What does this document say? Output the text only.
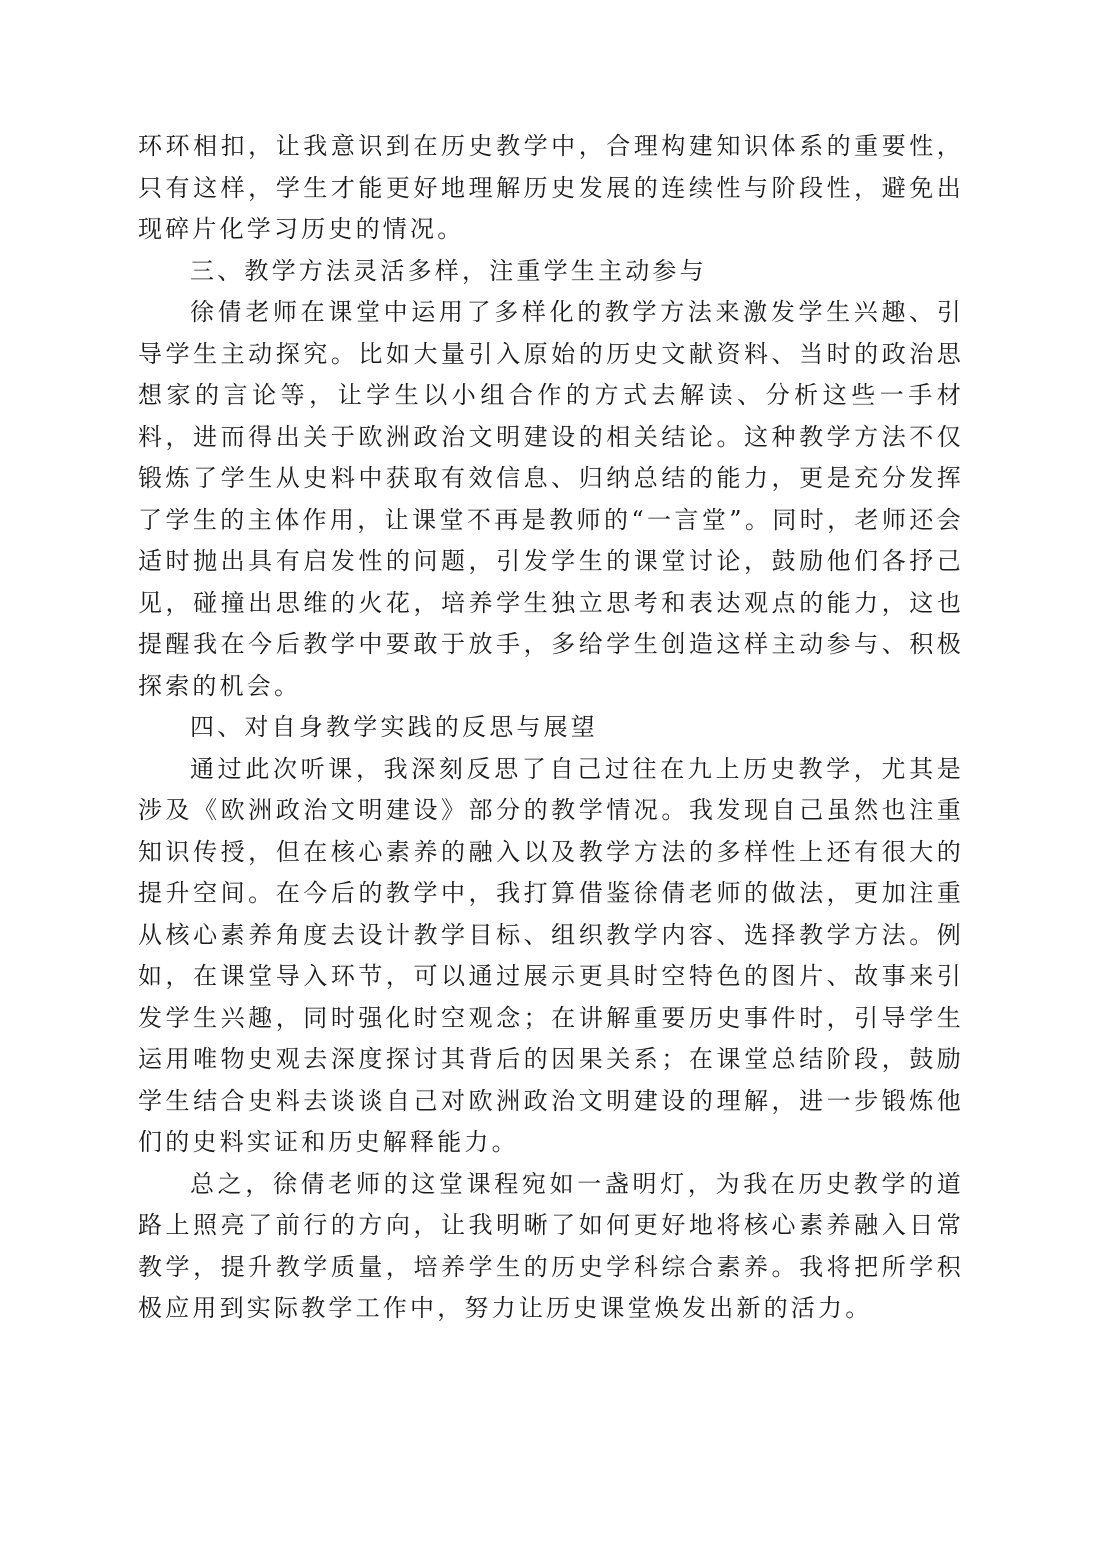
环环相扣，让我意识到在历史教学中，合理构建知识体系的重要性，只有这样，学生才能更好地理解历史发展的连续性与阶段性，避免出现碎片化学习历史的情况。

三、教学方法灵活多样，注重学生主动参与

徐倩老师在课堂中运用了多样化的教学方法来激发学生兴趣、引导学生主动探究。比如大量引入原始的历史文献资料、当时的政治思想家的言论等，让学生以小组合作的方式去解读、分析这些一手材料，进而得出关于欧洲政治文明建设的相关结论。这种教学方法不仅锻炼了学生从史料中获取有效信息、归纳总结的能力，更是充分发挥了学生的主体作用，让课堂不再是教师的“一言堂”。同时，老师还会适时抛出具有启发性的问题，引发学生的课堂讨论，鼓励他们各抒己见，碰撞出思维的火花，培养学生独立思考和表达观点的能力，这也提醒我在今后教学中要敢于放手，多给学生创造这样主动参与、积极探索的机会。

四、对自身教学实践的反思与展望

通过此次听课，我深刻反思了自己过往在九上历史教学，尤其是涉及《欧洲政治文明建设》部分的教学情况。我发现自己虽然也注重知识传授，但在核心素养的融入以及教学方法的多样性上还有很大的提升空间。在今后的教学中，我打算借鉴徐倩老师的做法，更加注重从核心素养角度去设计教学目标、组织教学内容、选择教学方法。例如，在课堂导入环节，可以通过展示更具时空特色的图片、故事来引发学生兴趣，同时强化时空观念；在讲解重要历史事件时，引导学生运用唯物史观去深度探讨其背后的因果关系；在课堂总结阶段，鼓励学生结合史料去谈谈自己对欧洲政治文明建设的理解，进一步锻炼他们的史料实证和历史解释能力。

总之，徐倩老师的这堂课程宛如一盏明灯，为我在历史教学的道路上照亮了前行的方向，让我明晰了如何更好地将核心素养融入日常教学，提升教学质量，培养学生的历史学科综合素养。我将把所学积极应用到实际教学工作中，努力让历史课堂焕发出新的活力。
